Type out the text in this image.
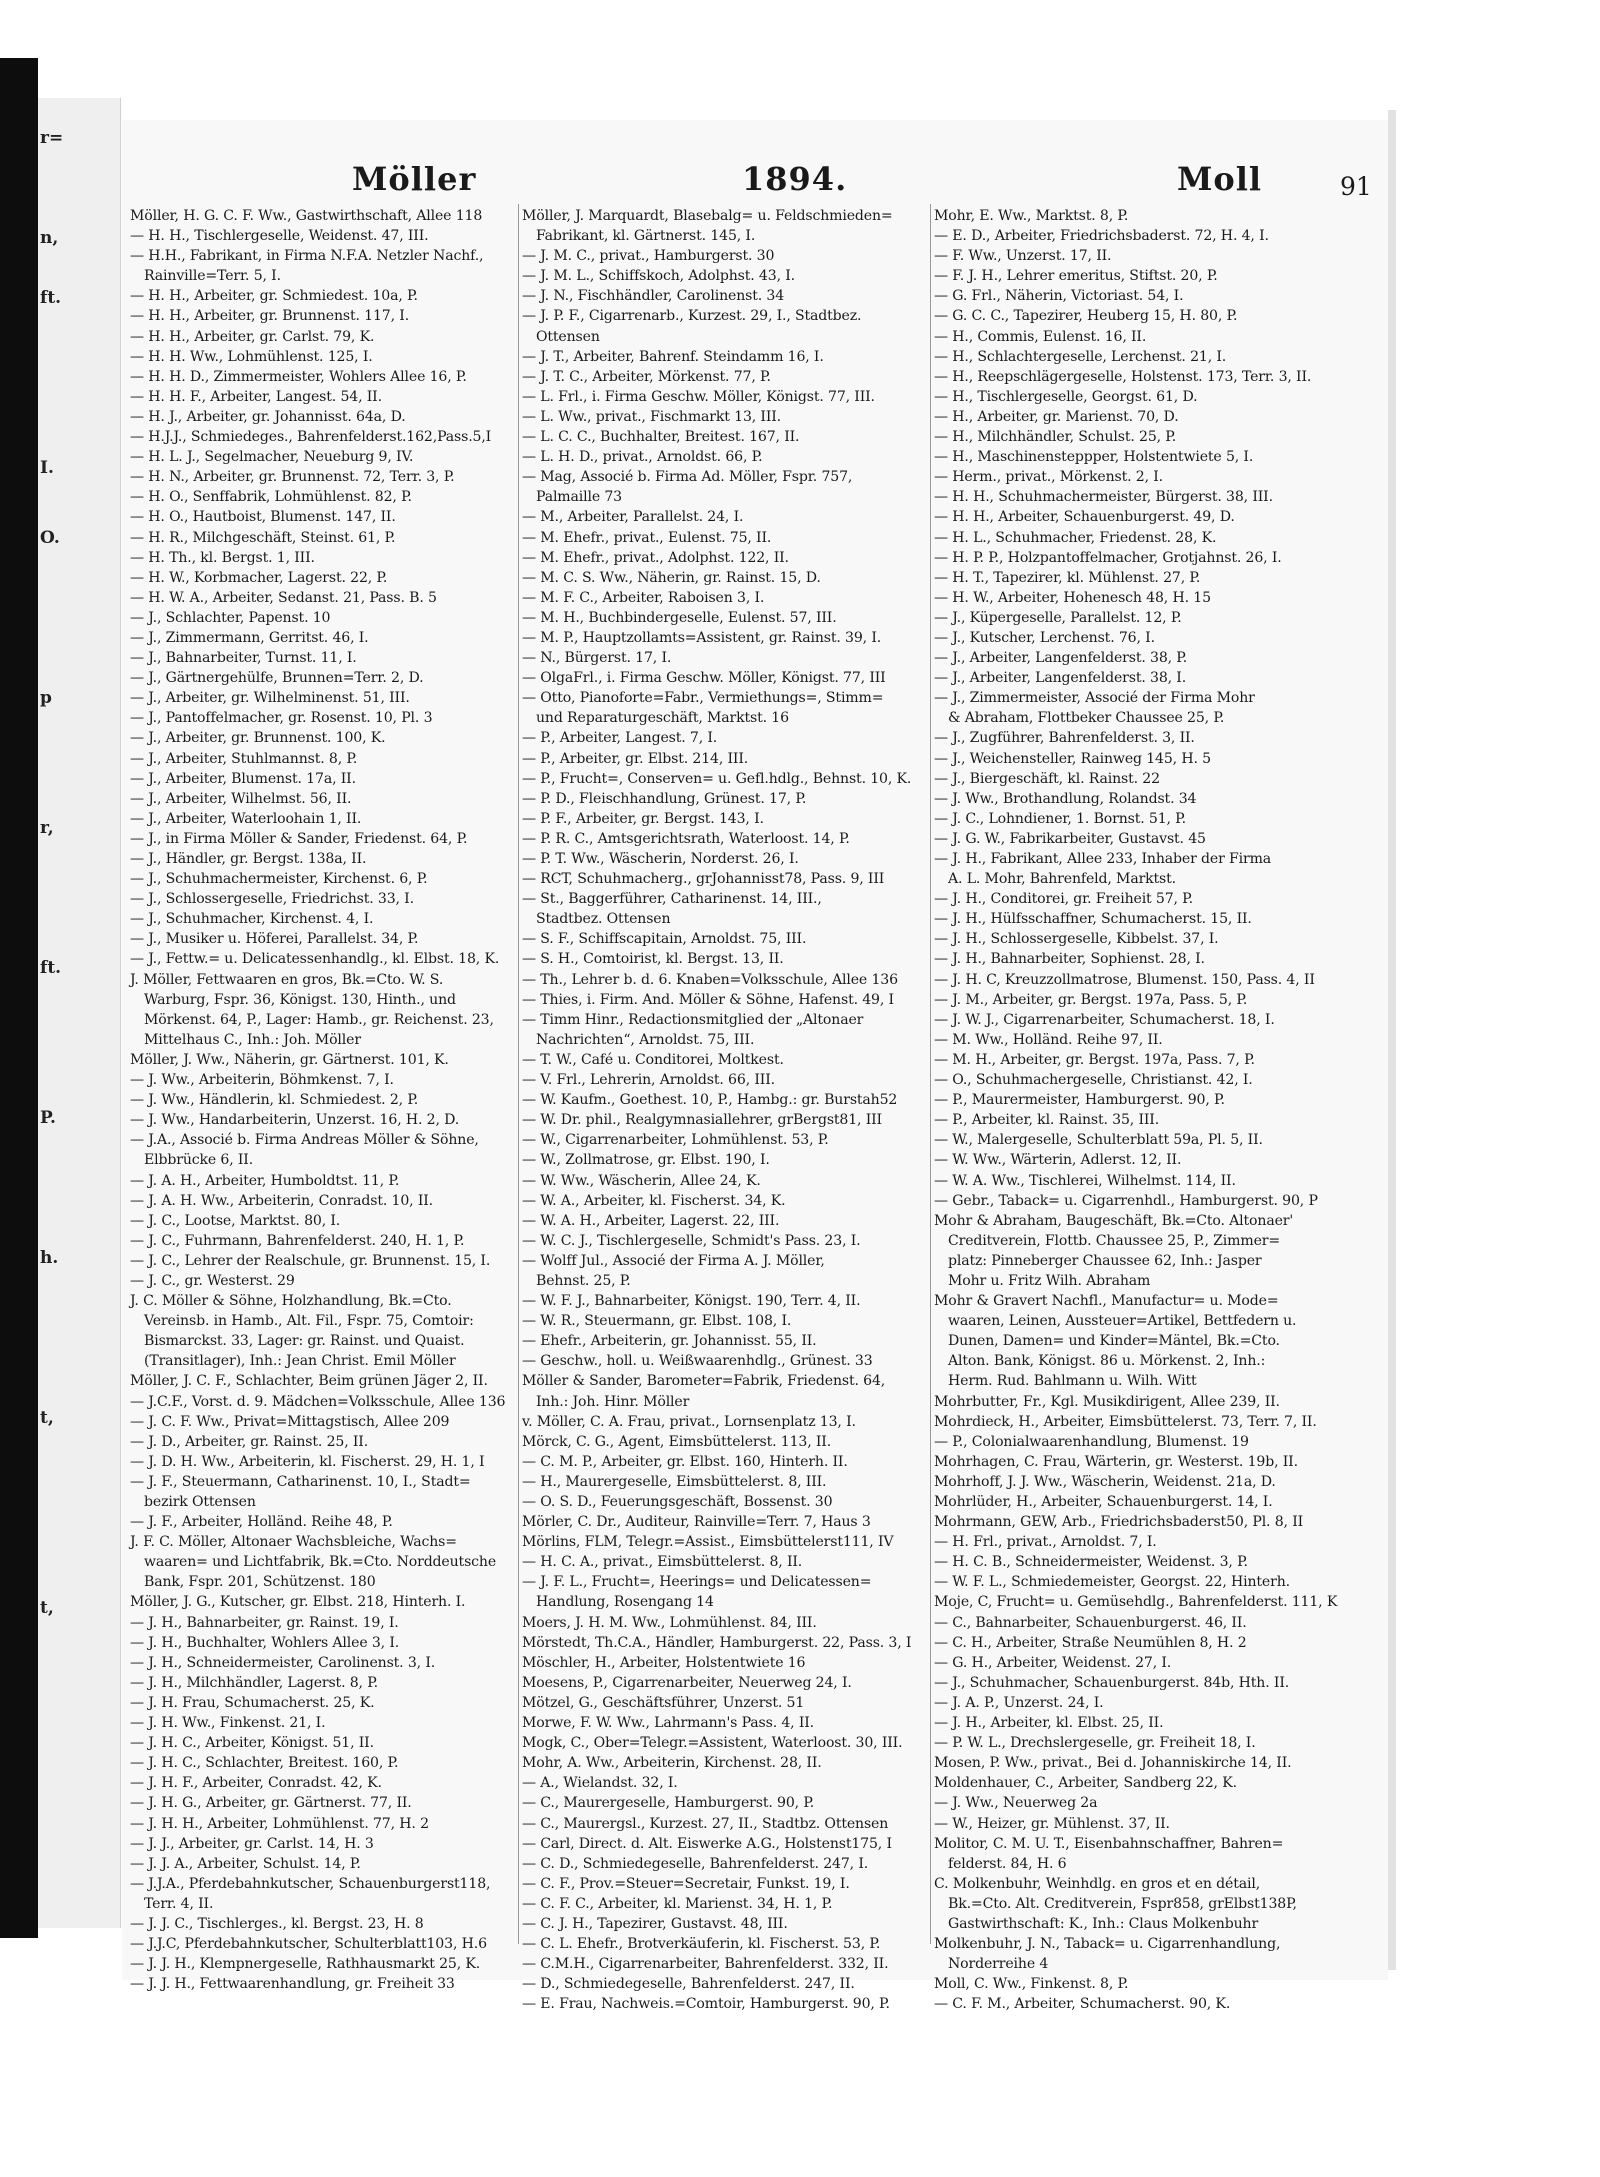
r=
n,
ft.
I.
O.
p
r,
ft.
P.
h.
t,
t,
Möller	1894.	Moll	91
Möller, H. G. C. F. Ww., Gastwirthschaft, Allee 118
— H. H., Tischlergeselle, Weidenst. 47, III.
— H.H., Fabrikant, in Firma N.F.A. Netzler Nachf.,
Rainville=Terr. 5, I.
— H. H., Arbeiter, gr. Schmiedest. 10a, P.
— H. H., Arbeiter, gr. Brunnenst. 117, I.
— H. H., Arbeiter, gr. Carlst. 79, K.
— H. H. Ww., Lohmühlenst. 125, I.
— H. H. D., Zimmermeister, Wohlers Allee 16, P.
— H. H. F., Arbeiter, Langest. 54, II.
— H. J., Arbeiter, gr. Johannisst. 64a, D.
— H.J.J., Schmiedeges., Bahrenfelderst.162,Pass.5,I
— H. L. J., Segelmacher, Neueburg 9, IV.
— H. N., Arbeiter, gr. Brunnenst. 72, Terr. 3, P.
— H. O., Senffabrik, Lohmühlenst. 82, P.
— H. O., Hautboist, Blumenst. 147, II.
— H. R., Milchgeschäft, Steinst. 61, P.
— H. Th., kl. Bergst. 1, III.
— H. W., Korbmacher, Lagerst. 22, P.
— H. W. A., Arbeiter, Sedanst. 21, Pass. B. 5
— J., Schlachter, Papenst. 10
— J., Zimmermann, Gerritst. 46, I.
— J., Bahnarbeiter, Turnst. 11, I.
— J., Gärtnergehülfe, Brunnen=Terr. 2, D.
— J., Arbeiter, gr. Wilhelminenst. 51, III.
— J., Pantoffelmacher, gr. Rosenst. 10, Pl. 3
— J., Arbeiter, gr. Brunnenst. 100, K.
— J., Arbeiter, Stuhlmannst. 8, P.
— J., Arbeiter, Blumenst. 17a, II.
— J., Arbeiter, Wilhelmst. 56, II.
— J., Arbeiter, Waterloohain 1, II.
— J., in Firma Möller & Sander, Friedenst. 64, P.
— J., Händler, gr. Bergst. 138a, II.
— J., Schuhmachermeister, Kirchenst. 6, P.
— J., Schlossergeselle, Friedrichst. 33, I.
— J., Schuhmacher, Kirchenst. 4, I.
— J., Musiker u. Höferei, Parallelst. 34, P.
— J., Fettw.= u. Delicatessenhandlg., kl. Elbst. 18, K.
J. Möller, Fettwaaren en gros, Bk.=Cto. W. S.
Warburg, Fspr. 36, Königst. 130, Hinth., und
Mörkenst. 64, P., Lager: Hamb., gr. Reichenst. 23,
Mittelhaus C., Inh.: Joh. Möller
Möller, J. Ww., Näherin, gr. Gärtnerst. 101, K.
— J. Ww., Arbeiterin, Böhmkenst. 7, I.
— J. Ww., Händlerin, kl. Schmiedest. 2, P.
— J. Ww., Handarbeiterin, Unzerst. 16, H. 2, D.
— J.A., Associé b. Firma Andreas Möller & Söhne,
Elbbrücke 6, II.
— J. A. H., Arbeiter, Humboldtst. 11, P.
— J. A. H. Ww., Arbeiterin, Conradst. 10, II.
— J. C., Lootse, Marktst. 80, I.
— J. C., Fuhrmann, Bahrenfelderst. 240, H. 1, P.
— J. C., Lehrer der Realschule, gr. Brunnenst. 15, I.
— J. C., gr. Westerst. 29
J. C. Möller & Söhne, Holzhandlung, Bk.=Cto.
Vereinsb. in Hamb., Alt. Fil., Fspr. 75, Comtoir:
Bismarckst. 33, Lager: gr. Rainst. und Quaist.
(Transitlager), Inh.: Jean Christ. Emil Möller
Möller, J. C. F., Schlachter, Beim grünen Jäger 2, II.
— J.C.F., Vorst. d. 9. Mädchen=Volksschule, Allee 136
— J. C. F. Ww., Privat=Mittagstisch, Allee 209
— J. D., Arbeiter, gr. Rainst. 25, II.
— J. D. H. Ww., Arbeiterin, kl. Fischerst. 29, H. 1, I
— J. F., Steuermann, Catharinenst. 10, I., Stadt=
bezirk Ottensen
— J. F., Arbeiter, Holländ. Reihe 48, P.
J. F. C. Möller, Altonaer Wachsbleiche, Wachs=
waaren= und Lichtfabrik, Bk.=Cto. Norddeutsche
Bank, Fspr. 201, Schützenst. 180
Möller, J. G., Kutscher, gr. Elbst. 218, Hinterh. I.
— J. H., Bahnarbeiter, gr. Rainst. 19, I.
— J. H., Buchhalter, Wohlers Allee 3, I.
— J. H., Schneidermeister, Carolinenst. 3, I.
— J. H., Milchhändler, Lagerst. 8, P.
— J. H. Frau, Schumacherst. 25, K.
— J. H. Ww., Finkenst. 21, I.
— J. H. C., Arbeiter, Königst. 51, II.
— J. H. C., Schlachter, Breitest. 160, P.
— J. H. F., Arbeiter, Conradst. 42, K.
— J. H. G., Arbeiter, gr. Gärtnerst. 77, II.
— J. H. H., Arbeiter, Lohmühlenst. 77, H. 2
— J. J., Arbeiter, gr. Carlst. 14, H. 3
— J. J. A., Arbeiter, Schulst. 14, P.
— J.J.A., Pferdebahnkutscher, Schauenburgerst118,
Terr. 4, II.
— J. J. C., Tischlerges., kl. Bergst. 23, H. 8
— J.J.C, Pferdebahnkutscher, Schulterblatt103, H.6
— J. J. H., Klempnergeselle, Rathhausmarkt 25, K.
— J. J. H., Fettwaarenhandlung, gr. Freiheit 33
Möller, J. Marquardt, Blasebalg= u. Feldschmieden=
Fabrikant, kl. Gärtnerst. 145, I.
— J. M. C., privat., Hamburgerst. 30
— J. M. L., Schiffskoch, Adolphst. 43, I.
— J. N., Fischhändler, Carolinenst. 34
— J. P. F., Cigarrenarb., Kurzest. 29, I., Stadtbez.
Ottensen
— J. T., Arbeiter, Bahrenf. Steindamm 16, I.
— J. T. C., Arbeiter, Mörkenst. 77, P.
— L. Frl., i. Firma Geschw. Möller, Königst. 77, III.
— L. Ww., privat., Fischmarkt 13, III.
— L. C. C., Buchhalter, Breitest. 167, II.
— L. H. D., privat., Arnoldst. 66, P.
— Mag, Associé b. Firma Ad. Möller, Fspr. 757,
Palmaille 73
— M., Arbeiter, Parallelst. 24, I.
— M. Ehefr., privat., Eulenst. 75, II.
— M. Ehefr., privat., Adolphst. 122, II.
— M. C. S. Ww., Näherin, gr. Rainst. 15, D.
— M. F. C., Arbeiter, Raboisen 3, I.
— M. H., Buchbindergeselle, Eulenst. 57, III.
— M. P., Hauptzollamts=Assistent, gr. Rainst. 39, I.
— N., Bürgerst. 17, I.
— OlgaFrl., i. Firma Geschw. Möller, Königst. 77, III
— Otto, Pianoforte=Fabr., Vermiethungs=, Stimm=
und Reparaturgeschäft, Marktst. 16
— P., Arbeiter, Langest. 7, I.
— P., Arbeiter, gr. Elbst. 214, III.
— P., Frucht=, Conserven= u. Gefl.hdlg., Behnst. 10, K.
— P. D., Fleischhandlung, Grünest. 17, P.
— P. F., Arbeiter, gr. Bergst. 143, I.
— P. R. C., Amtsgerichtsrath, Waterloost. 14, P.
— P. T. Ww., Wäscherin, Norderst. 26, I.
— RCT, Schuhmacherg., grJohannisst78, Pass. 9, III
— St., Baggerführer, Catharinenst. 14, III.,
Stadtbez. Ottensen
— S. F., Schiffscapitain, Arnoldst. 75, III.
— S. H., Comtoirist, kl. Bergst. 13, II.
— Th., Lehrer b. d. 6. Knaben=Volksschule, Allee 136
— Thies, i. Firm. And. Möller & Söhne, Hafenst. 49, I
— Timm Hinr., Redactionsmitglied der „Altonaer
Nachrichten“, Arnoldst. 75, III.
— T. W., Café u. Conditorei, Moltkest.
— V. Frl., Lehrerin, Arnoldst. 66, III.
— W. Kaufm., Goethest. 10, P., Hambg.: gr. Burstah52
— W. Dr. phil., Realgymnasiallehrer, grBergst81, III
— W., Cigarrenarbeiter, Lohmühlenst. 53, P.
— W., Zollmatrose, gr. Elbst. 190, I.
— W. Ww., Wäscherin, Allee 24, K.
— W. A., Arbeiter, kl. Fischerst. 34, K.
— W. A. H., Arbeiter, Lagerst. 22, III.
— W. C. J., Tischlergeselle, Schmidt's Pass. 23, I.
— Wolff Jul., Associé der Firma A. J. Möller,
Behnst. 25, P.
— W. F. J., Bahnarbeiter, Königst. 190, Terr. 4, II.
— W. R., Steuermann, gr. Elbst. 108, I.
— Ehefr., Arbeiterin, gr. Johannisst. 55, II.
— Geschw., holl. u. Weißwaarenhdlg., Grünest. 33
Möller & Sander, Barometer=Fabrik, Friedenst. 64,
Inh.: Joh. Hinr. Möller
v. Möller, C. A. Frau, privat., Lornsenplatz 13, I.
Mörck, C. G., Agent, Eimsbüttelerst. 113, II.
— C. M. P., Arbeiter, gr. Elbst. 160, Hinterh. II.
— H., Maurergeselle, Eimsbüttelerst. 8, III.
— O. S. D., Feuerungsgeschäft, Bossenst. 30
Mörler, C. Dr., Auditeur, Rainville=Terr. 7, Haus 3
Mörlins, FLM, Telegr.=Assist., Eimsbüttelerst111, IV
— H. C. A., privat., Eimsbüttelerst. 8, II.
— J. F. L., Frucht=, Heerings= und Delicatessen=
Handlung, Rosengang 14
Moers, J. H. M. Ww., Lohmühlenst. 84, III.
Mörstedt, Th.C.A., Händler, Hamburgerst. 22, Pass. 3, I
Möschler, H., Arbeiter, Holstentwiete 16
Moesens, P., Cigarrenarbeiter, Neuerweg 24, I.
Mötzel, G., Geschäftsführer, Unzerst. 51
Morwe, F. W. Ww., Lahrmann's Pass. 4, II.
Mogk, C., Ober=Telegr.=Assistent, Waterloost. 30, III.
Mohr, A. Ww., Arbeiterin, Kirchenst. 28, II.
— A., Wielandst. 32, I.
— C., Maurergeselle, Hamburgerst. 90, P.
— C., Maurergsl., Kurzest. 27, II., Stadtbz. Ottensen
— Carl, Direct. d. Alt. Eiswerke A.G., Holstenst175, I
— C. D., Schmiedegeselle, Bahrenfelderst. 247, I.
— C. F., Prov.=Steuer=Secretair, Funkst. 19, I.
— C. F. C., Arbeiter, kl. Marienst. 34, H. 1, P.
— C. J. H., Tapezirer, Gustavst. 48, III.
— C. L. Ehefr., Brotverkäuferin, kl. Fischerst. 53, P.
— C.M.H., Cigarrenarbeiter, Bahrenfelderst. 332, II.
— D., Schmiedegeselle, Bahrenfelderst. 247, II.
— E. Frau, Nachweis.=Comtoir, Hamburgerst. 90, P.
Mohr, E. Ww., Marktst. 8, P.
— E. D., Arbeiter, Friedrichsbaderst. 72, H. 4, I.
— F. Ww., Unzerst. 17, II.
— F. J. H., Lehrer emeritus, Stiftst. 20, P.
— G. Frl., Näherin, Victoriast. 54, I.
— G. C. C., Tapezirer, Heuberg 15, H. 80, P.
— H., Commis, Eulenst. 16, II.
— H., Schlachtergeselle, Lerchenst. 21, I.
— H., Reepschlägergeselle, Holstenst. 173, Terr. 3, II.
— H., Tischlergeselle, Georgst. 61, D.
— H., Arbeiter, gr. Marienst. 70, D.
— H., Milchhändler, Schulst. 25, P.
— H., Maschinensteppper, Holstentwiete 5, I.
— Herm., privat., Mörkenst. 2, I.
— H. H., Schuhmachermeister, Bürgerst. 38, III.
— H. H., Arbeiter, Schauenburgerst. 49, D.
— H. L., Schuhmacher, Friedenst. 28, K.
— H. P. P., Holzpantoffelmacher, Grotjahnst. 26, I.
— H. T., Tapezirer, kl. Mühlenst. 27, P.
— H. W., Arbeiter, Hohenesch 48, H. 15
— J., Küpergeselle, Parallelst. 12, P.
— J., Kutscher, Lerchenst. 76, I.
— J., Arbeiter, Langenfelderst. 38, P.
— J., Arbeiter, Langenfelderst. 38, I.
— J., Zimmermeister, Associé der Firma Mohr
& Abraham, Flottbeker Chaussee 25, P.
— J., Zugführer, Bahrenfelderst. 3, II.
— J., Weichensteller, Rainweg 145, H. 5
— J., Biergeschäft, kl. Rainst. 22
— J. Ww., Brothandlung, Rolandst. 34
— J. C., Lohndiener, 1. Bornst. 51, P.
— J. G. W., Fabrikarbeiter, Gustavst. 45
— J. H., Fabrikant, Allee 233, Inhaber der Firma
A. L. Mohr, Bahrenfeld, Marktst.
— J. H., Conditorei, gr. Freiheit 57, P.
— J. H., Hülfsschaffner, Schumacherst. 15, II.
— J. H., Schlossergeselle, Kibbelst. 37, I.
— J. H., Bahnarbeiter, Sophienst. 28, I.
— J. H. C, Kreuzzollmatrose, Blumenst. 150, Pass. 4, II
— J. M., Arbeiter, gr. Bergst. 197a, Pass. 5, P.
— J. W. J., Cigarrenarbeiter, Schumacherst. 18, I.
— M. Ww., Holländ. Reihe 97, II.
— M. H., Arbeiter, gr. Bergst. 197a, Pass. 7, P.
— O., Schuhmachergeselle, Christianst. 42, I.
— P., Maurermeister, Hamburgerst. 90, P.
— P., Arbeiter, kl. Rainst. 35, III.
— W., Malergeselle, Schulterblatt 59a, Pl. 5, II.
— W. Ww., Wärterin, Adlerst. 12, II.
— W. A. Ww., Tischlerei, Wilhelmst. 114, II.
— Gebr., Taback= u. Cigarrenhdl., Hamburgerst. 90, P
Mohr & Abraham, Baugeschäft, Bk.=Cto. Altonaer'
Creditverein, Flottb. Chaussee 25, P., Zimmer=
platz: Pinneberger Chaussee 62, Inh.: Jasper
Mohr u. Fritz Wilh. Abraham
Mohr & Gravert Nachfl., Manufactur= u. Mode=
waaren, Leinen, Aussteuer=Artikel, Bettfedern u.
Dunen, Damen= und Kinder=Mäntel, Bk.=Cto.
Alton. Bank, Königst. 86 u. Mörkenst. 2, Inh.:
Herm. Rud. Bahlmann u. Wilh. Witt
Mohrbutter, Fr., Kgl. Musikdirigent, Allee 239, II.
Mohrdieck, H., Arbeiter, Eimsbüttelerst. 73, Terr. 7, II.
— P., Colonialwaarenhandlung, Blumenst. 19
Mohrhagen, C. Frau, Wärterin, gr. Westerst. 19b, II.
Mohrhoff, J. J. Ww., Wäscherin, Weidenst. 21a, D.
Mohrlüder, H., Arbeiter, Schauenburgerst. 14, I.
Mohrmann, GEW, Arb., Friedrichsbaderst50, Pl. 8, II
— H. Frl., privat., Arnoldst. 7, I.
— H. C. B., Schneidermeister, Weidenst. 3, P.
— W. F. L., Schmiedemeister, Georgst. 22, Hinterh.
Moje, C, Frucht= u. Gemüsehdlg., Bahrenfelderst. 111, K
— C., Bahnarbeiter, Schauenburgerst. 46, II.
— C. H., Arbeiter, Straße Neumühlen 8, H. 2
— G. H., Arbeiter, Weidenst. 27, I.
— J., Schuhmacher, Schauenburgerst. 84b, Hth. II.
— J. A. P., Unzerst. 24, I.
— J. H., Arbeiter, kl. Elbst. 25, II.
— P. W. L., Drechslergeselle, gr. Freiheit 18, I.
Mosen, P. Ww., privat., Bei d. Johanniskirche 14, II.
Moldenhauer, C., Arbeiter, Sandberg 22, K.
— J. Ww., Neuerweg 2a
— W., Heizer, gr. Mühlenst. 37, II.
Molitor, C. M. U. T., Eisenbahnschaffner, Bahren=
felderst. 84, H. 6
C. Molkenbuhr, Weinhdlg. en gros et en détail,
Bk.=Cto. Alt. Creditverein, Fspr858, grElbst138P,
Gastwirthschaft: K., Inh.: Claus Molkenbuhr
Molkenbuhr, J. N., Taback= u. Cigarrenhandlung,
Norderreihe 4
Moll, C. Ww., Finkenst. 8, P.
— C. F. M., Arbeiter, Schumacherst. 90, K.
